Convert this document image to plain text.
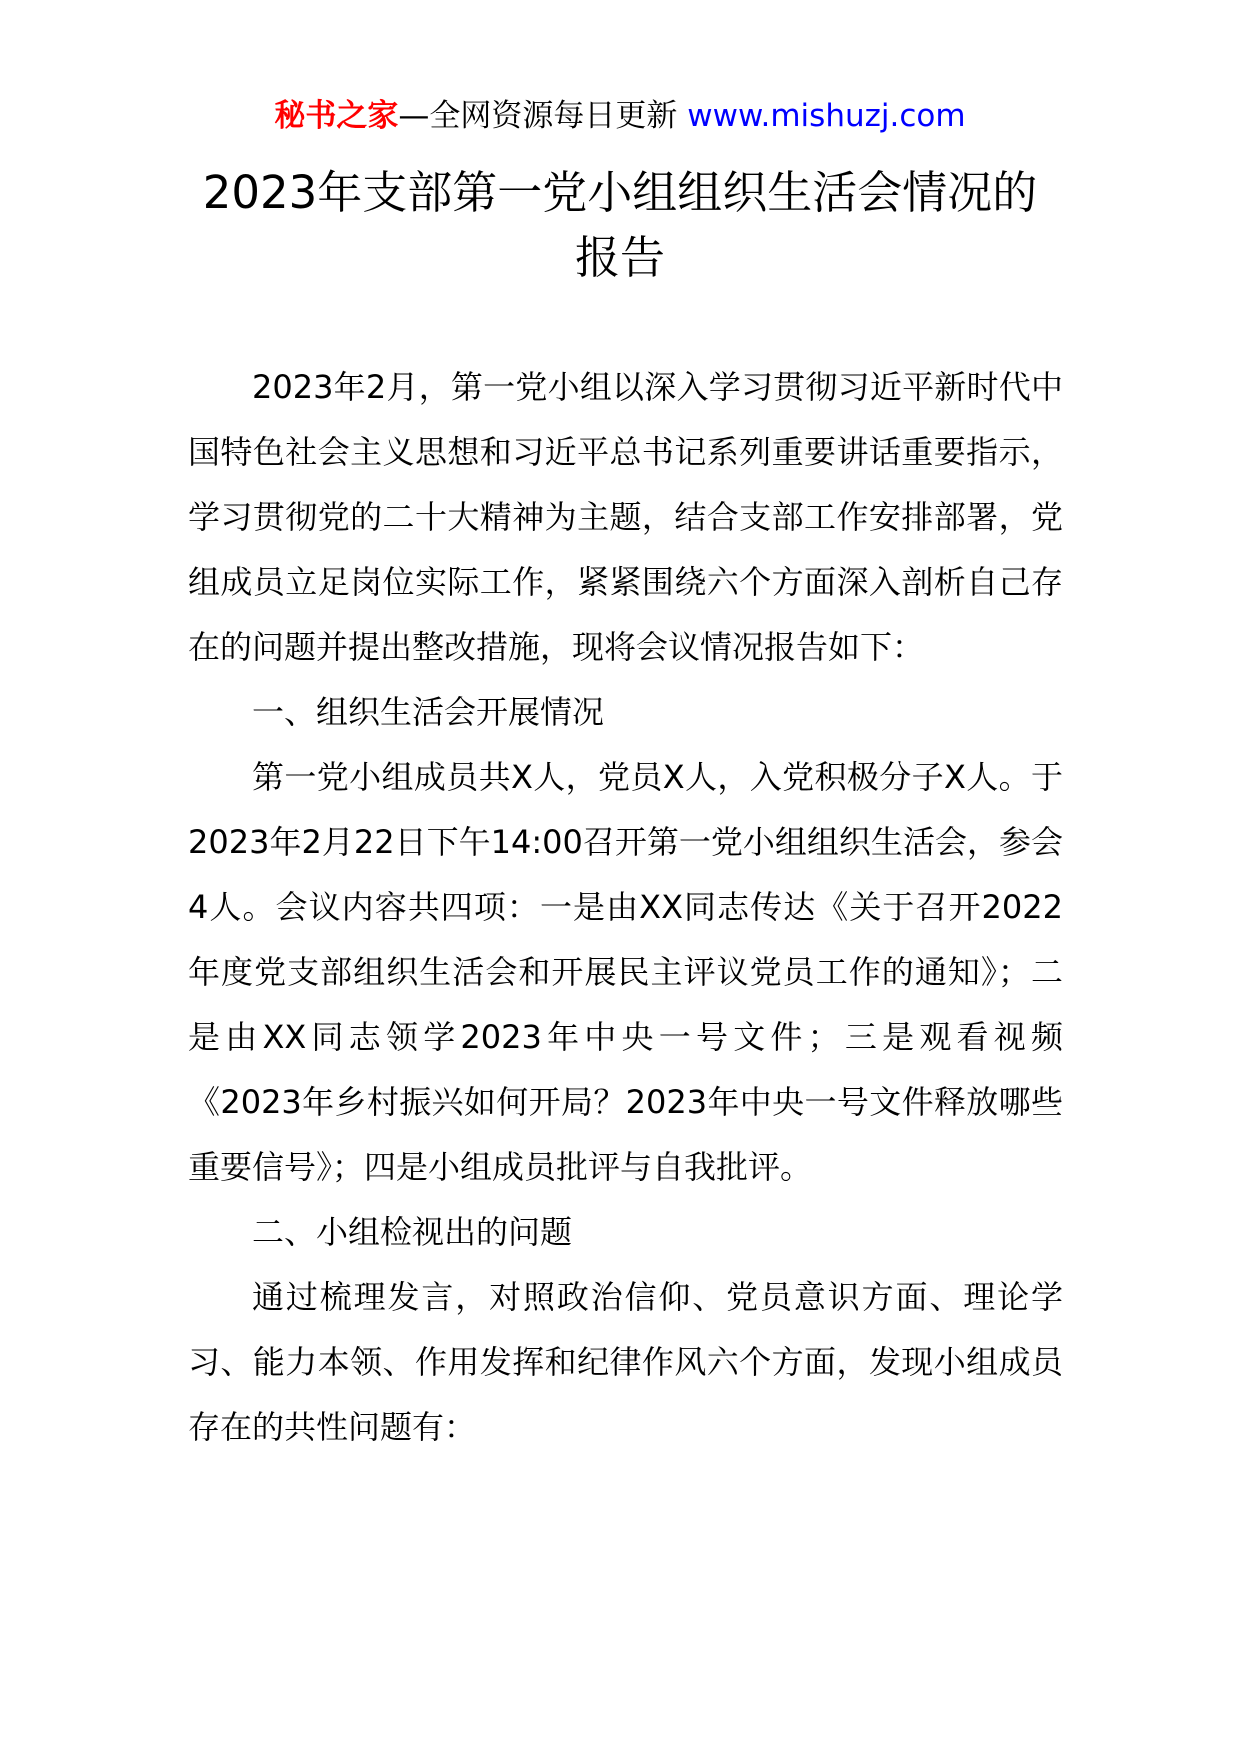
秘书之家—全网资源每日更新 www.mishuzj.com
2023年支部第一党小组组织生活会情况的
报告

2023年2月，第一党小组以深入学习贯彻习近平新时代中国特色社会主义思想和习近平总书记系列重要讲话重要指示，学习贯彻党的二十大精神为主题，结合支部工作安排部署，党组成员立足岗位实际工作，紧紧围绕六个方面深入剖析自己存在的问题并提出整改措施，现将会议情况报告如下：

一、组织生活会开展情况

第一党小组成员共X人，党员X人，入党积极分子X人。于2023年2月22日下午14:00召开第一党小组组织生活会，参会4人。会议内容共四项：一是由XX同志传达《关于召开2022年度党支部组织生活会和开展民主评议党员工作的通知》；二是由XX同志领学2023年中央一号文件；三是观看视频《2023年乡村振兴如何开局？2023年中央一号文件释放哪些重要信号》；四是小组成员批评与自我批评。

二、小组检视出的问题

通过梳理发言，对照政治信仰、党员意识方面、理论学习、能力本领、作用发挥和纪律作风六个方面，发现小组成员存在的共性问题有：
